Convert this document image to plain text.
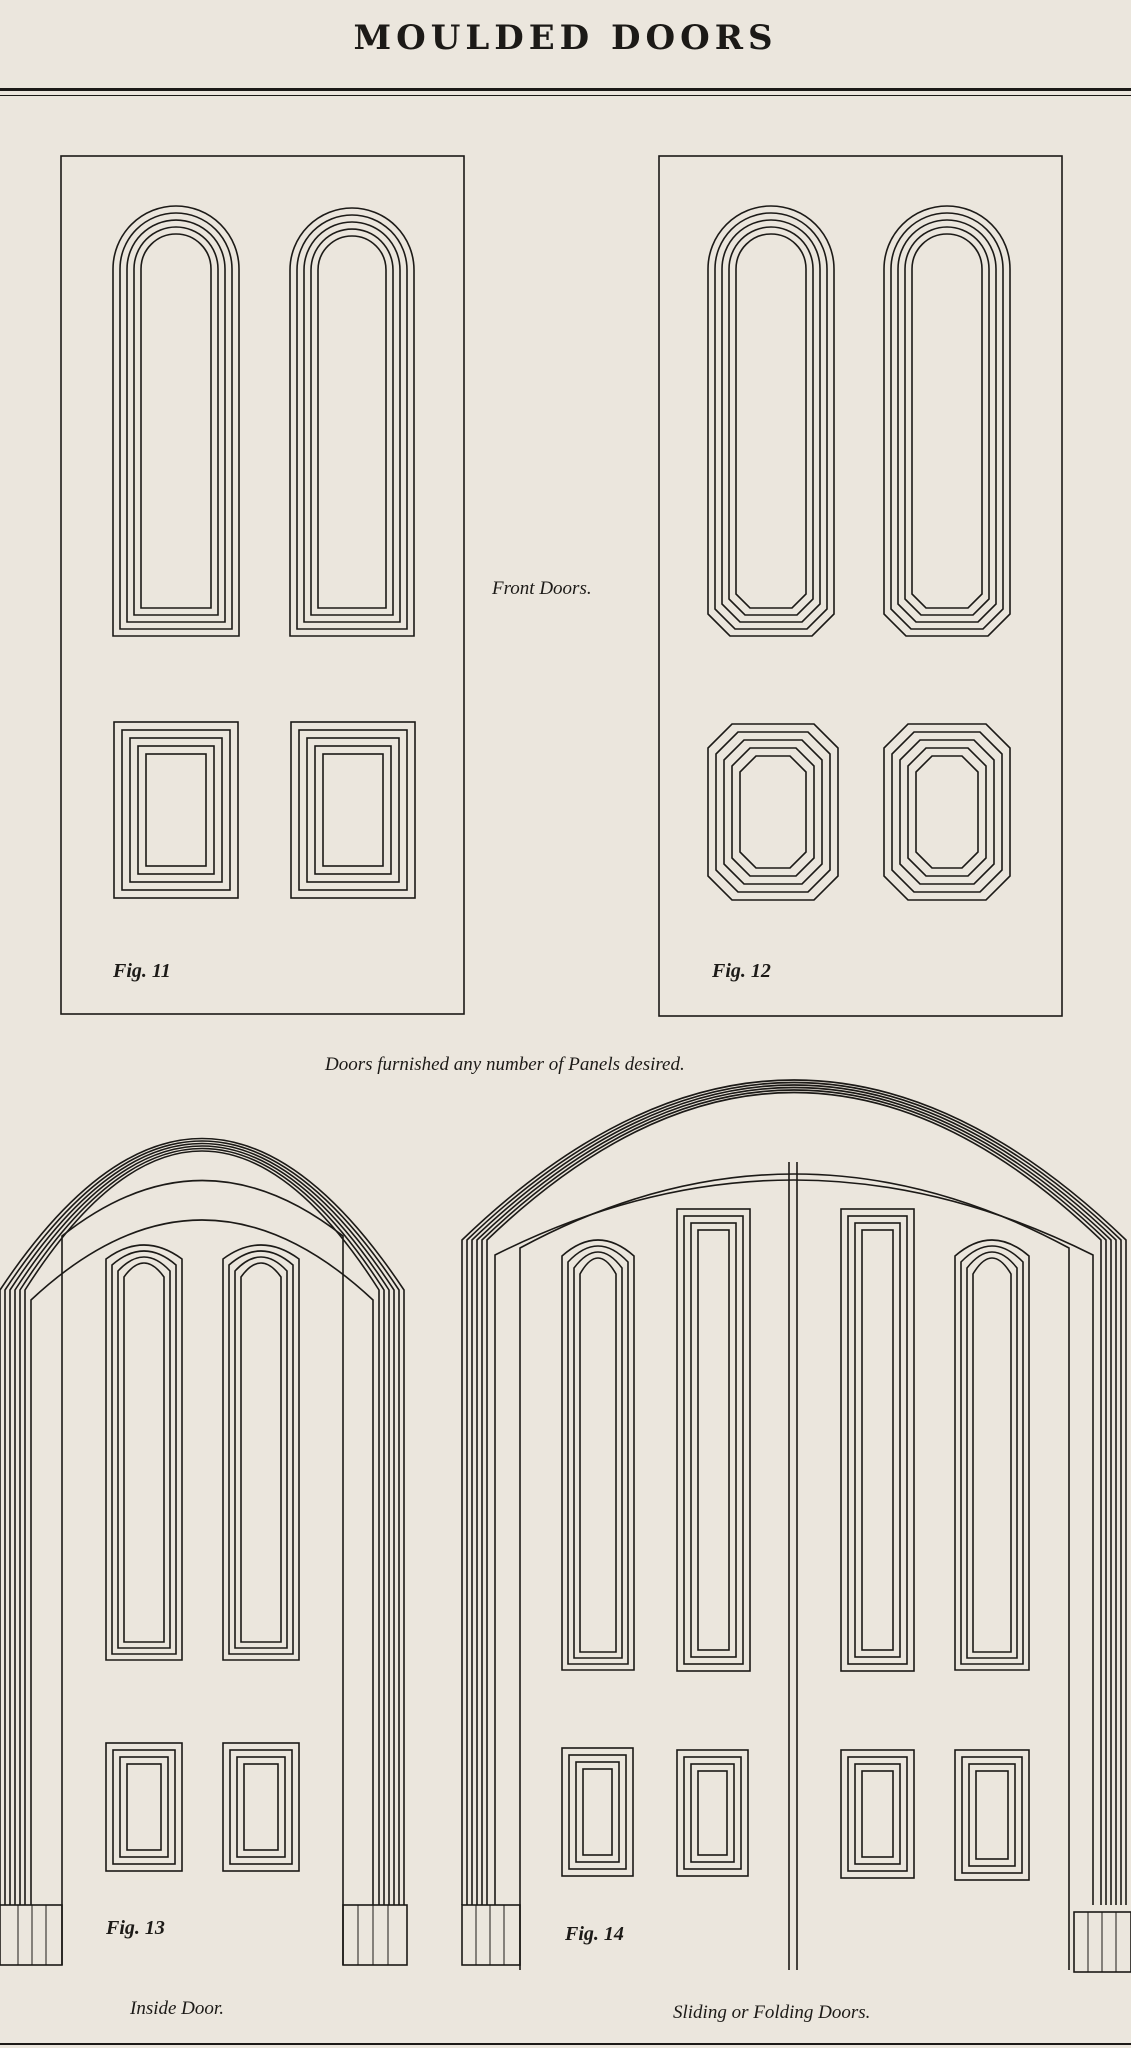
MOULDED DOORS
Front Doors.
Fig. 11	Fig. 12
Doors furnished any number of Panels desired.
Fig. 13	Fig. 14
Inside Door.	Sliding or Folding Doors.
